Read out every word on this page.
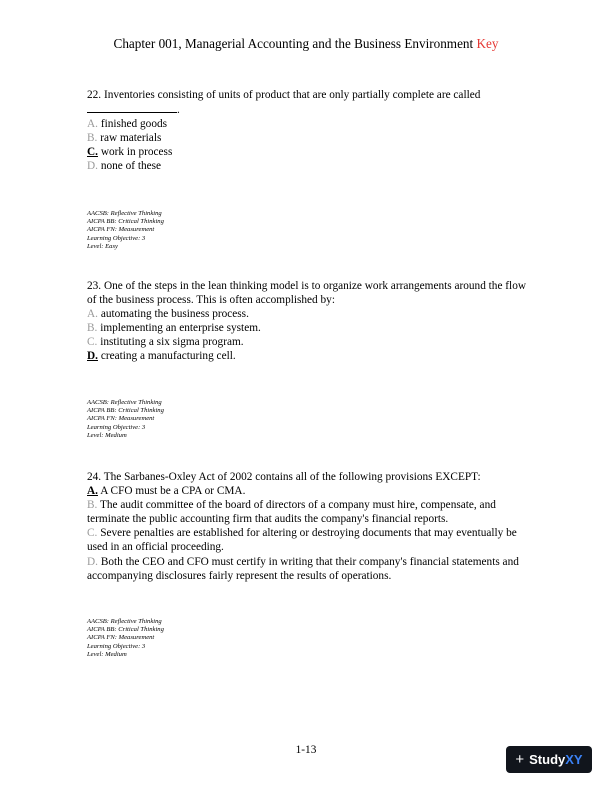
Chapter 001, Managerial Accounting and the Business Environment Key

22. Inventories consisting of units of product that are only partially complete are called
.

A. finished goods

B. raw materials

C. work in process

D. none of these

AACSB: Reflective Thinking
AICPA BB: Critical Thinking
AICPA FN: Measurement
Learning Objective: 3
Level: Easy

23. One of the steps in the lean thinking model is to organize work arrangements around the flow of the business process. This is often accomplished by:

A. automating the business process.

B. implementing an enterprise system.

C. instituting a six sigma program.

D. creating a manufacturing cell.

AACSB: Reflective Thinking
AICPA BB: Critical Thinking
AICPA FN: Measurement
Learning Objective: 3
Level: Medium

24. The Sarbanes-Oxley Act of 2002 contains all of the following provisions EXCEPT:

A. A CFO must be a CPA or CMA.

B. The audit committee of the board of directors of a company must hire, compensate, and terminate the public accounting firm that audits the company's financial reports.

C. Severe penalties are established for altering or destroying documents that may eventually be used in an official proceeding.

D. Both the CEO and CFO must certify in writing that their company's financial statements and accompanying disclosures fairly represent the results of operations.

AACSB: Reflective Thinking
AICPA BB: Critical Thinking
AICPA FN: Measurement
Learning Objective: 3
Level: Medium
1-13
+ Study XY
